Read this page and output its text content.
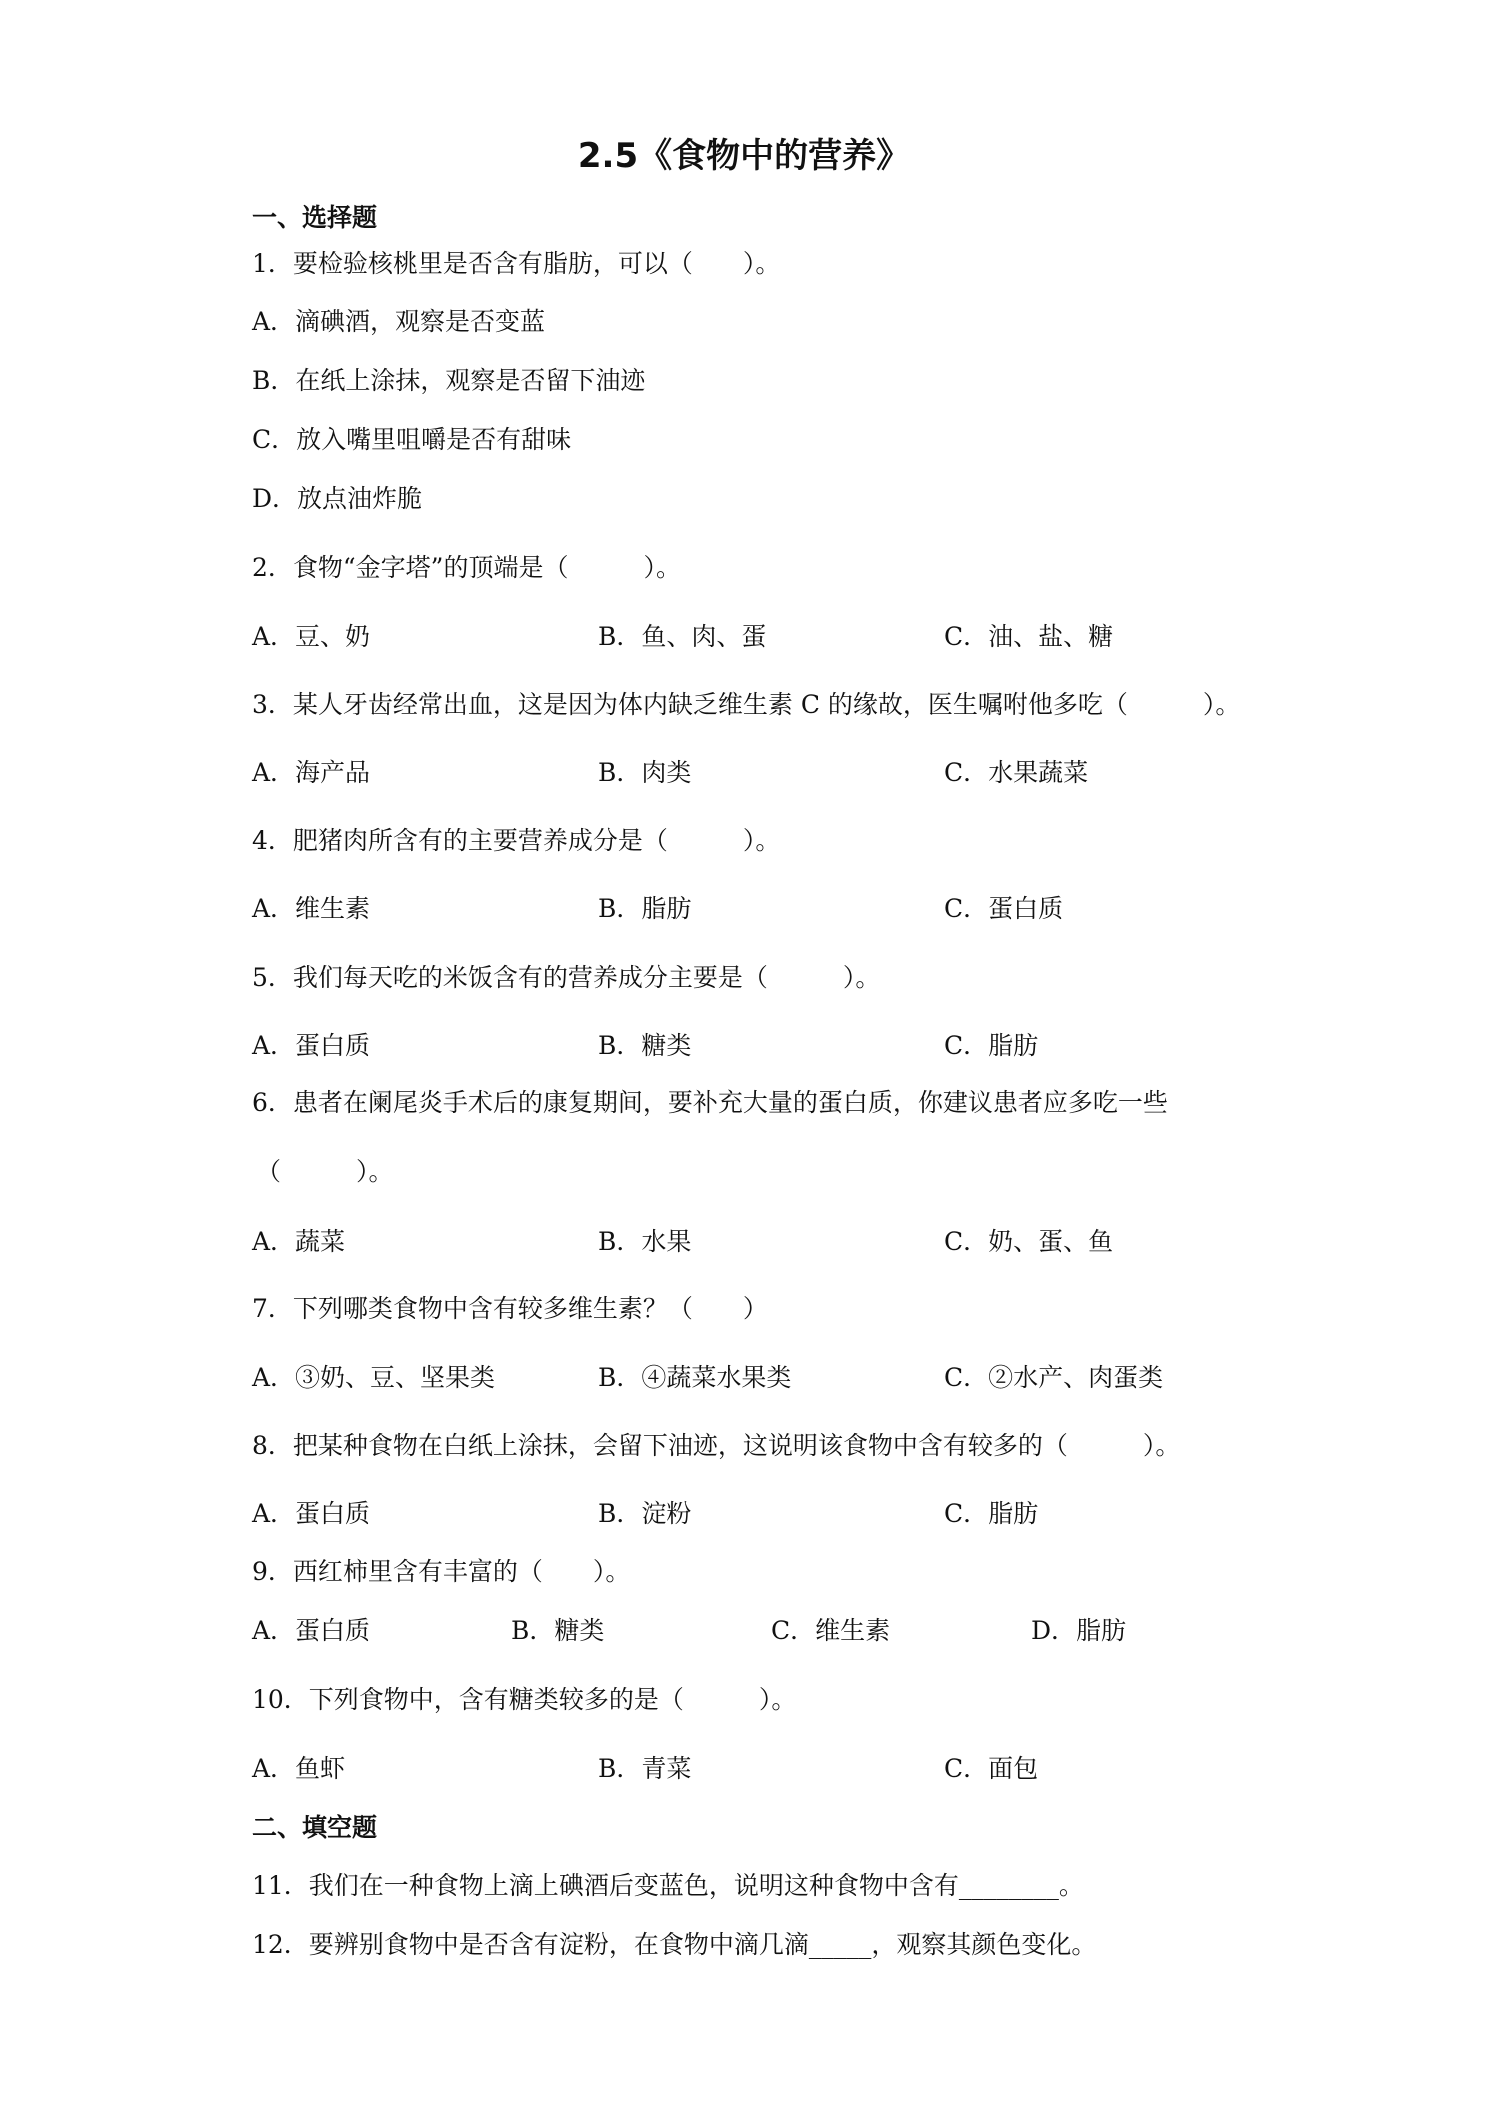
2.5《食物中的营养》
一、选择题
1．要检验核桃里是否含有脂肪，可以（　　）。
A．滴碘酒，观察是否变蓝
B．在纸上涂抹，观察是否留下油迹
C．放入嘴里咀嚼是否有甜味
D．放点油炸脆
2．食物“金字塔”的顶端是（　　　）。
A．豆、奶	B．鱼、肉、蛋	C．油、盐、糖
3．某人牙齿经常出血，这是因为体内缺乏维生素 C 的缘故，医生嘱咐他多吃（　　　）。
A．海产品	B．肉类	C．水果蔬菜
4．肥猪肉所含有的主要营养成分是（　　　）。
A．维生素	B．脂肪	C．蛋白质
5．我们每天吃的米饭含有的营养成分主要是（　　　）。
A．蛋白质	B．糖类	C．脂肪
6．患者在阑尾炎手术后的康复期间，要补充大量的蛋白质，你建议患者应多吃一些
（　　　）。
A．蔬菜	B．水果	C．奶、蛋、鱼
7．下列哪类食物中含有较多维生素？（　　）
A．③奶、豆、坚果类	B．④蔬菜水果类	C．②水产、肉蛋类
8．把某种食物在白纸上涂抹，会留下油迹，这说明该食物中含有较多的（　　　）。
A．蛋白质	B．淀粉	C．脂肪
9．西红柿里含有丰富的（　　）。
A．蛋白质	B．糖类	C．维生素	D．脂肪
10．下列食物中，含有糖类较多的是（　　　）。
A．鱼虾	B．青菜	C．面包
二、填空题
11．我们在一种食物上滴上碘酒后变蓝色，说明这种食物中含有________。
12．要辨别食物中是否含有淀粉，在食物中滴几滴_____，观察其颜色变化。
